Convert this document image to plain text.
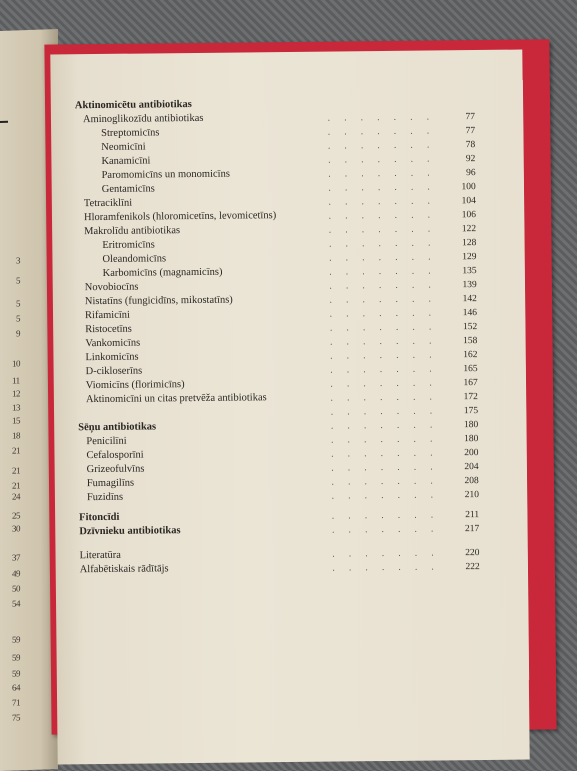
3
5
5
5
9
10
11
12
13
15
18
21
21
21
24
25
30
37
49
50
54
59
59
59
64
71
75
Aktinomicētu antibiotikas
Aminoglikozīdu antibiotikas	. . . . . . .	77
Streptomicīns	. . . . . . .	77
Neomicīni	. . . . . . .	78
Kanamicīni	. . . . . . .	92
Paromomicīns un monomicīns	. . . . . . .	96
Gentamicīns	. . . . . . .	100
Tetraciklīni	. . . . . . .	104
Hloramfenikols (hloromicetīns, levomicetīns)	. . . . . . .	106
Makrolīdu antibiotikas	. . . . . . .	122
Eritromicīns	. . . . . . .	128
Oleandomicīns	. . . . . . .	129
Karbomicīns (magnamicīns)	. . . . . . .	135
Novobiocīns	. . . . . . .	139
Nistatīns (fungicidīns, mikostatīns)	. . . . . . .	142
Rifamicīni	. . . . . . .	146
Ristocetīns	. . . . . . .	152
Vankomicīns	. . . . . . .	158
Linkomicīns	. . . . . . .	162
D-cikloserīns	. . . . . . .	165
Viomicīns (florimicīns)	. . . . . . .	167
Aktinomicīni un citas pretvēža antibiotikas	. . . . . . .	172
. . . . . . .	175
Sēņu antibiotikas	. . . . . . .	180
Penicilīni	. . . . . . .	180
Cefalosporīni	. . . . . . .	200
Grizeofulvīns	. . . . . . .	204
Fumagilīns	. . . . . . .	208
Fuzidīns	. . . . . . .	210
Fitoncīdi	. . . . . . .	211
Dzīvnieku antibiotikas	. . . . . . .	217
Literatūra	. . . . . . .	220
Alfabētiskais rādītājs	. . . . . . .	222
